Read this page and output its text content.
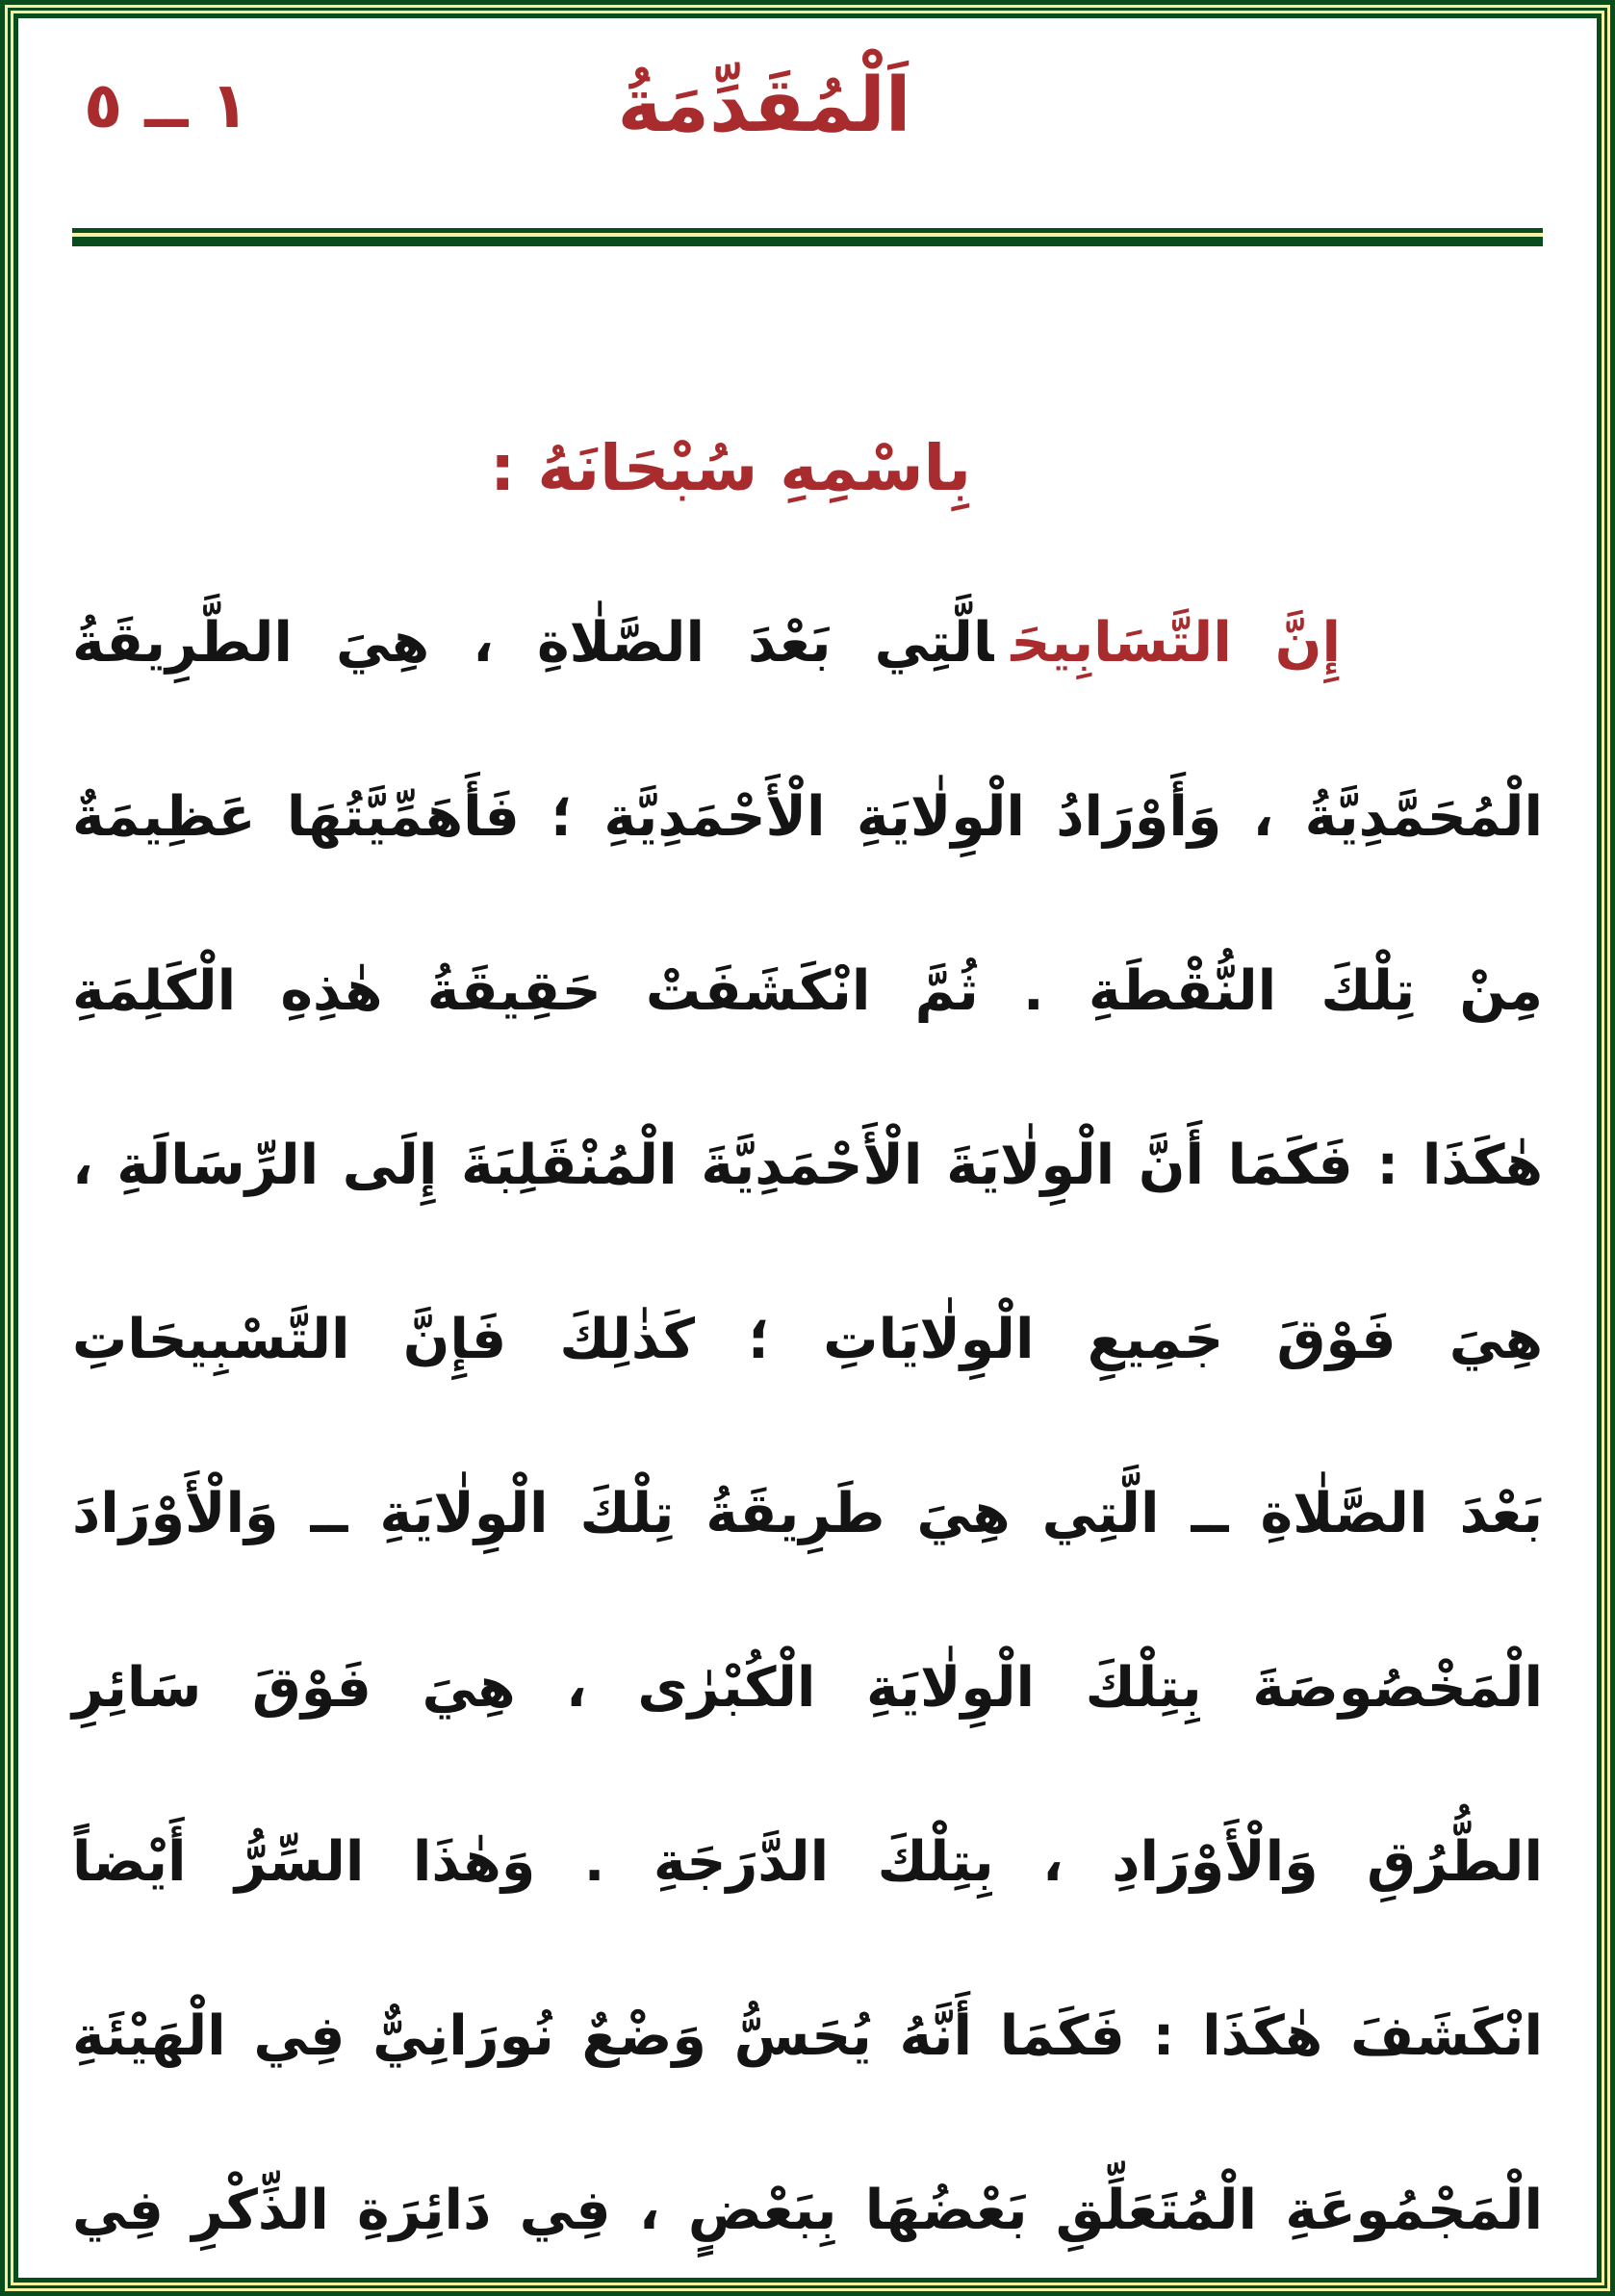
١ ــ ٥	اَلْمُقَدِّمَةُ
بِاسْمِهِ سُبْحَانَهُ :

إِنَّ التَّسَابِيحَالَّتِي بَعْدَ الصَّلٰاةِ ، هِيَ الطَّرِيقَةُ

الْمُحَمَّدِيَّةُ ، وَأَوْرَادُ الْوِلٰايَةِ الْأَحْمَدِيَّةِ ؛ فَأَهَمِّيَّتُهَا عَظِيمَةٌ

مِنْ تِلْكَ النُّقْطَةِ . ثُمَّ انْكَشَفَتْ حَقِيقَةُ هٰذِهِ الْكَلِمَةِ

هٰكَذَا : فَكَمَا أَنَّ الْوِلٰايَةَ الْأَحْمَدِيَّةَ الْمُنْقَلِبَةَ إِلَى الرِّسَالَةِ ،

هِيَ فَوْقَ جَمِيعِ الْوِلٰايَاتِ ؛ كَذٰلِكَ فَإِنَّ التَّسْبِيحَاتِ

بَعْدَ الصَّلٰاةِ ــ الَّتِي هِيَ طَرِيقَةُ تِلْكَ الْوِلٰايَةِ ــ وَالْأَوْرَادَ

الْمَخْصُوصَةَ بِتِلْكَ الْوِلٰايَةِ الْكُبْرٰى ، هِيَ فَوْقَ سَائِرِ

الطُّرُقِ وَالْأَوْرَادِ ، بِتِلْكَ الدَّرَجَةِ . وَهٰذَا السِّرُّ أَيْضاً

انْكَشَفَ هٰكَذَا : فَكَمَا أَنَّهُ يُحَسُّ وَضْعٌ نُورَانِيٌّ فِي الْهَيْئَةِ

الْمَجْمُوعَةِ الْمُتَعَلِّقِ بَعْضُهَا بِبَعْضٍ ، فِي دَائِرَةِ الذِّكْرِ فِي
